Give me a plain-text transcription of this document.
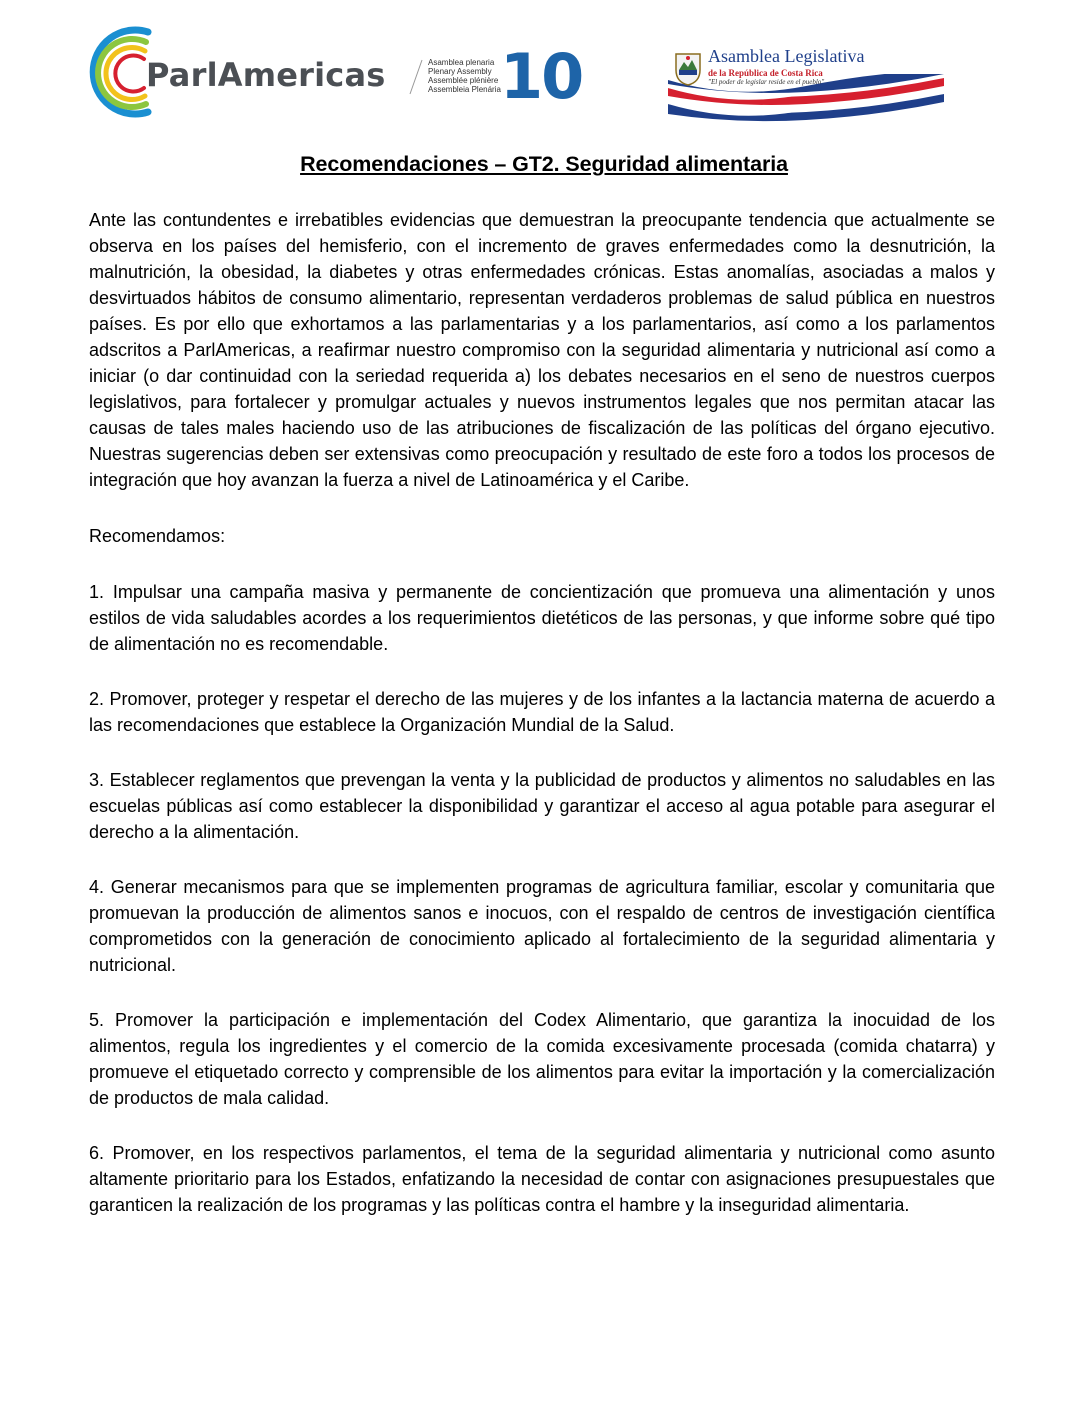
ParlAmericas	Asamblea plenaria
Plenary Assembly
Assemblée plénière
Assembleia Plenária 10	Asamblea Legislativa
de la República de Costa Rica
"El poder de legislar reside en el pueblo"
Recomendaciones – GT2. Seguridad alimentaria

Ante las contundentes e irrebatibles evidencias que demuestran la preocupante tendencia que actualmente se observa en los países del hemisferio, con el incremento de graves enfermedades como la desnutrición, la malnutrición, la obesidad, la diabetes y otras enfermedades crónicas. Estas anomalías, asociadas a malos y desvirtuados hábitos de consumo alimentario, representan verdaderos problemas de salud pública en nuestros países. Es por ello que exhortamos a las parlamentarias y a los parlamentarios, así como a los parlamentos adscritos a ParlAmericas, a reafirmar nuestro compromiso con la seguridad alimentaria y nutricional así como a iniciar (o dar continuidad con la seriedad requerida a) los debates necesarios en el seno de nuestros cuerpos legislativos, para fortalecer y promulgar actuales y nuevos instrumentos legales que nos permitan atacar las causas de tales males haciendo uso de las atribuciones de fiscalización de las políticas del órgano ejecutivo. Nuestras sugerencias deben ser extensivas como preocupación y resultado de este foro a todos los procesos de integración que hoy avanzan la fuerza a nivel de Latinoamérica y el Caribe.

Recomendamos:

1. Impulsar una campaña masiva y permanente de concientización que promueva una alimentación y unos estilos de vida saludables acordes a los requerimientos dietéticos de las personas, y que informe sobre qué tipo de alimentación no es recomendable.

2. Promover, proteger y respetar el derecho de las mujeres y de los infantes a la lactancia materna de acuerdo a las recomendaciones que establece la Organización Mundial de la Salud.

3. Establecer reglamentos que prevengan la venta y la publicidad de productos y alimentos no saludables en las escuelas públicas así como establecer la disponibilidad y garantizar el acceso al agua potable para asegurar el derecho a la alimentación.

4. Generar mecanismos para que se implementen programas de agricultura familiar, escolar y comunitaria que promuevan la producción de alimentos sanos e inocuos, con el respaldo de centros de investigación científica comprometidos con la generación de conocimiento aplicado al fortalecimiento de la seguridad alimentaria y nutricional.

5. Promover la participación e implementación del Codex Alimentario, que garantiza la inocuidad de los alimentos, regula los ingredientes y el comercio de la comida excesivamente procesada (comida chatarra) y promueve el etiquetado correcto y comprensible de los alimentos para evitar la importación y la comercialización de productos de mala calidad.

6. Promover, en los respectivos parlamentos, el tema de la seguridad alimentaria y nutricional como asunto altamente prioritario para los Estados, enfatizando la necesidad de contar con asignaciones presupuestales que garanticen la realización de los programas y las políticas contra el hambre y la inseguridad alimentaria.
